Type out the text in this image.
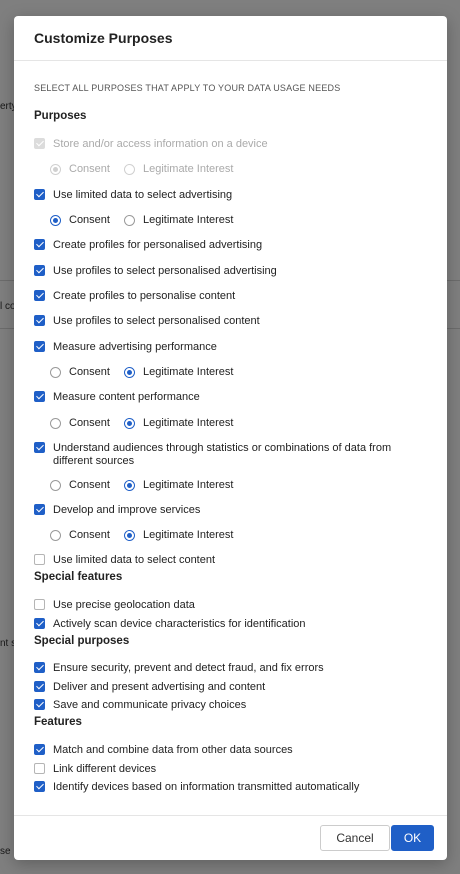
Customize Purposes
SELECT ALL PURPOSES THAT APPLY TO YOUR DATA USAGE NEEDS
Purposes
Store and/or access information on a device
Consent	Legitimate Interest
Use limited data to select advertising
Consent	Legitimate Interest
Create profiles for personalised advertising
Use profiles to select personalised advertising
Create profiles to personalise content
Use profiles to select personalised content
Measure advertising performance
Consent	Legitimate Interest
Measure content performance
Consent	Legitimate Interest
Understand audiences through statistics or combinations of data from different sources
Consent	Legitimate Interest
Develop and improve services
Consent	Legitimate Interest
Use limited data to select content
Special features
Use precise geolocation data
Actively scan device characteristics for identification
Special purposes
Ensure security, prevent and detect fraud, and fix errors
Deliver and present advertising and content
Save and communicate privacy choices
Features
Match and combine data from other data sources
Link different devices
Identify devices based on information transmitted automatically
Cancel	OK
